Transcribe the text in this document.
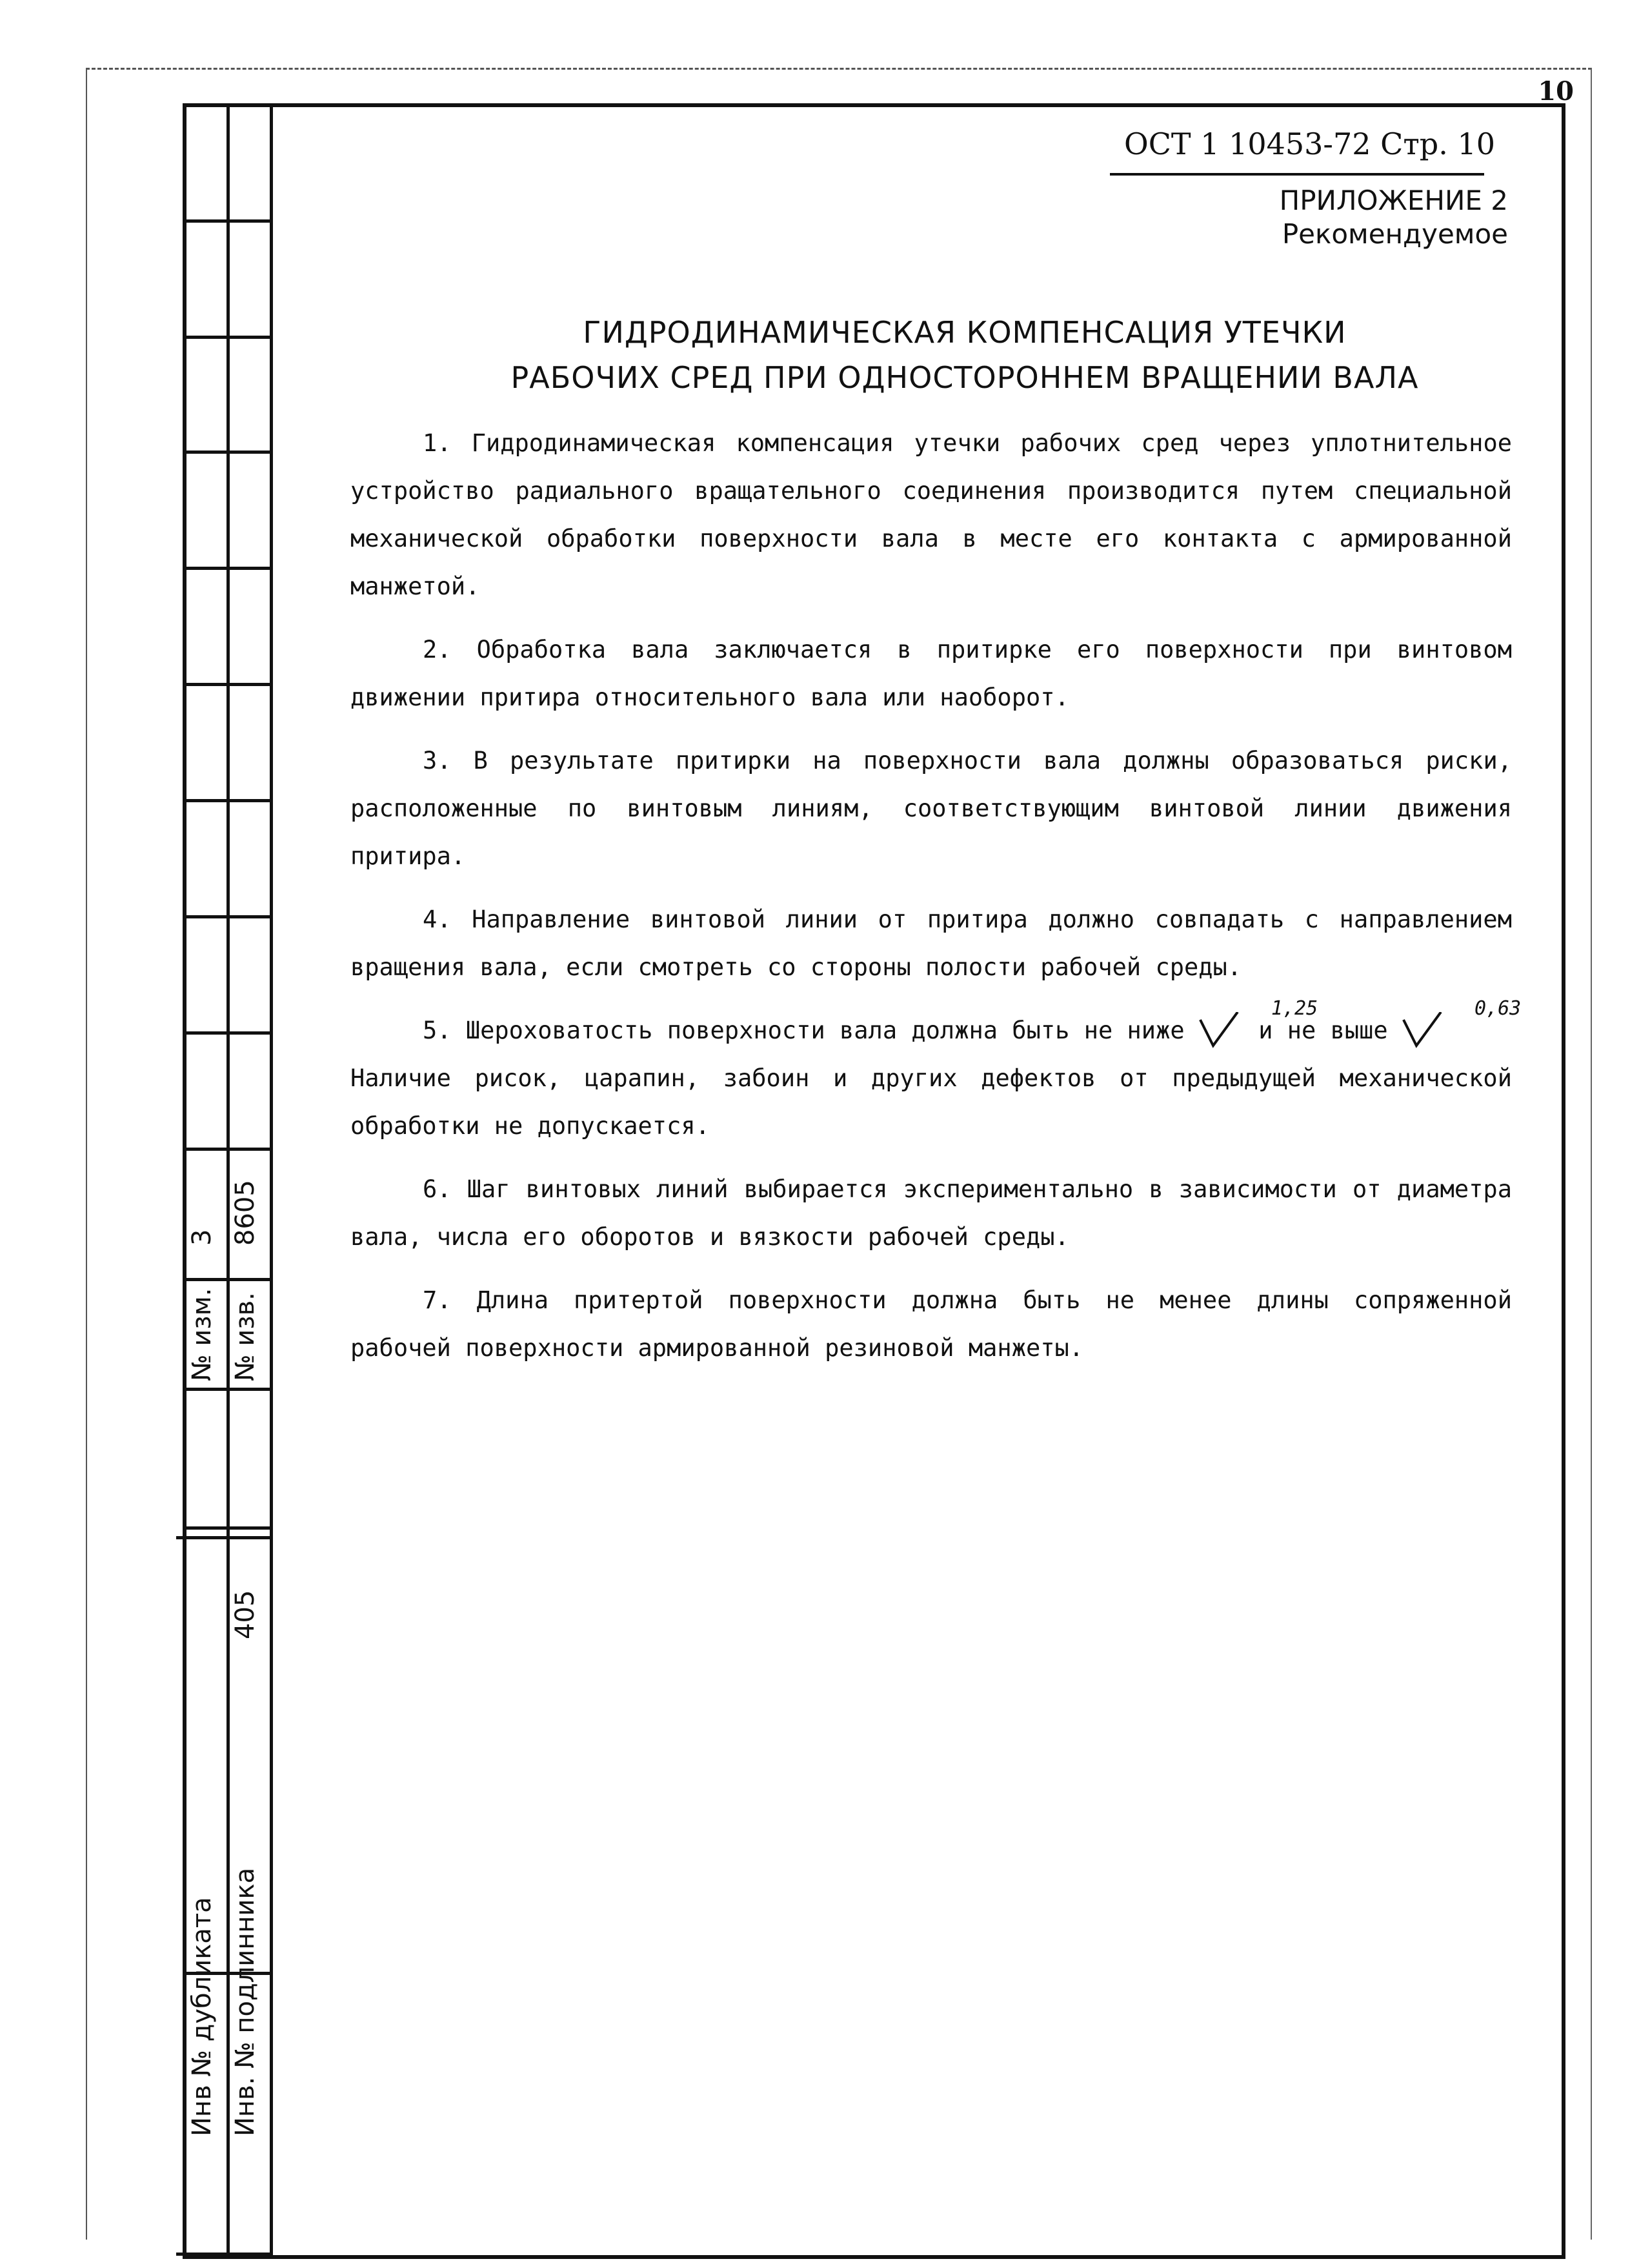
10
№ изм.
3
№ изв.
8605
405
Инв № дубликата Инв. № подлинника
ОСТ 1 10453-72 Стр. 10
ПРИЛОЖЕНИЕ 2
Рекомендуемое
ГИДРОДИНАМИЧЕСКАЯ КОМПЕНСАЦИЯ УТЕЧКИ
РАБОЧИХ СРЕД ПРИ ОДНОСТОРОННЕМ ВРАЩЕНИИ ВАЛА

1. Гидродинамическая компенсация утечки рабочих сред через уплотнительное устройство радиального вращательного соединения производится путем специальной механической обработки поверхности вала в месте его контакта с армированной манжетой.

2. Обработка вала заключается в притирке его поверхности при винтовом движении притира относительного вала или наоборот.

3. В результате притирки на поверхности вала должны образоваться риски, расположенные по винтовым линиям, соответствующим винтовой линии движения притира.

4. Направление винтовой линии от притира должно совпадать с направлением вращения вала, если смотреть со стороны полости рабочей среды.

5. Шероховатость поверхности вала должна быть не ниже
1,25
и не выше
0,63

Наличие рисок, царапин, забоин и других дефектов от предыдущей механической обработки не допускается.

6. Шаг винтовых линий выбирается экспериментально в зависимости от диаметра вала, числа его оборотов и вязкости рабочей среды.

7. Длина притертой поверхности должна быть не менее длины сопряженной рабочей поверхности армированной резиновой манжеты.
